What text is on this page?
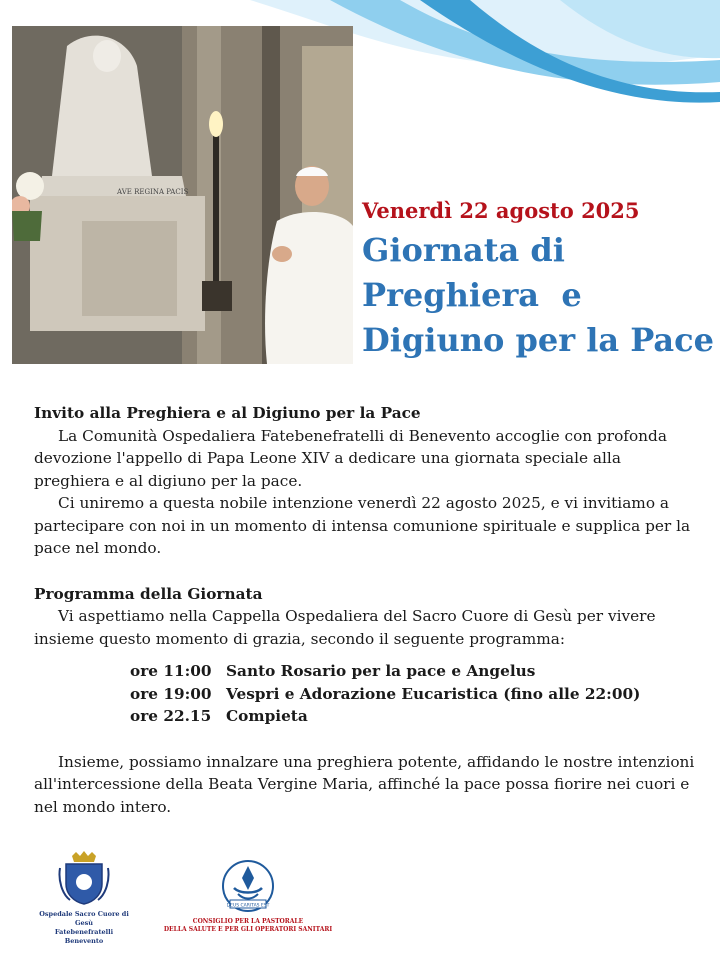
AVE REGINA PACIS
Venerdì 22 agosto 2025
Giornata di
Preghiera  e
Digiuno per la Pace

Invito alla Preghiera e al Digiuno per la Pace

La Comunità Ospedaliera Fatebenefratelli di Benevento accoglie con profonda devozione l'appello di Papa Leone XIV a dedicare una giornata speciale alla preghiera e al digiuno per la pace.

Ci uniremo a questa nobile intenzione venerdì 22 agosto 2025, e vi invitiamo a partecipare con noi in un momento di intensa comunione spirituale e supplica per la pace nel mondo.

Programma della Giornata

Vi aspettiamo nella Cappella Ospedaliera del Sacro Cuore di Gesù per vivere insieme questo momento di grazia, secondo il seguente programma:

ore 11:00 Santo Rosario per la pace e Angelus
ore 19:00 Vespri e Adorazione Eucaristica (fino alle 22:00)
ore 22.15 Compieta

Insieme, possiamo innalzare una preghiera potente, affidando le nostre intenzioni all'intercessione della Beata Vergine Maria, affinché la pace possa fiorire nei cuori e nel mondo intero.

Ospedale Sacro Cuore di Gesù
Fatebenefratelli
Benevento
DEUS CARITAS EST
CONSIGLIO PER LA PASTORALE
DELLA SALUTE E PER GLI OPERATORI SANITARI
